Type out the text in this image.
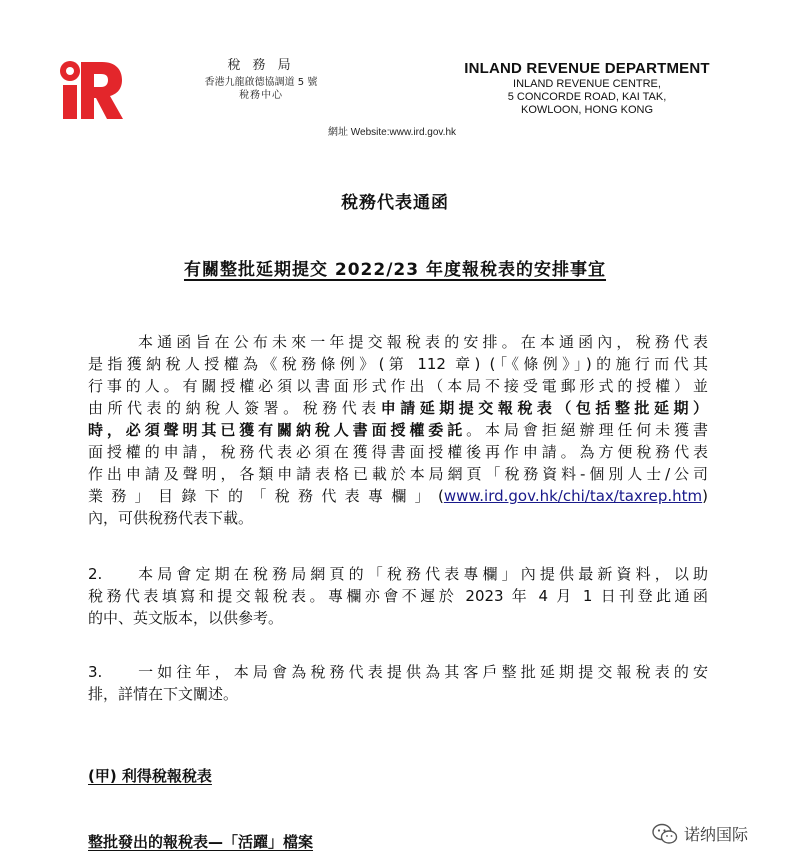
稅 務 局
香港九龍啟德協調道 5 號
稅務中心
INLAND REVENUE DEPARTMENT
INLAND REVENUE CENTRE,
5 CONCORDE ROAD, KAI TAK,
KOWLOON, HONG KONG
網址 Website:www.ird.gov.hk
稅務代表通函
有關整批延期提交 2022/23 年度報稅表的安排事宜
本通函旨在公布未來一年提交報稅表的安排。在本通函內，稅務代表
是指獲納稅人授權為《稅務條例》(第 112 章) (「《條例》」)的施行而代其
行事的人。有關授權必須以書面形式作出（本局不接受電郵形式的授權）並
由所代表的納稅人簽署。稅務代表申請延期提交報稅表（包括整批延期）
時，必須聲明其已獲有關納稅人書面授權委託。本局會拒絕辦理任何未獲書
面授權的申請，稅務代表必須在獲得書面授權後再作申請。為方便稅務代表
作出申請及聲明，各類申請表格已載於本局網頁「稅務資料-個別人士/公司
業務」目錄下的「稅務代表專欄」(www.ird.gov.hk/chi/tax/taxrep.htm)
內，可供稅務代表下載。
2. 本局會定期在稅務局網頁的「稅務代表專欄」內提供最新資料，以助
稅務代表填寫和提交報稅表。專欄亦會不遲於 2023 年 4 月 1 日刊登此通函
的中、英文版本，以供參考。
3. 一如往年，本局會為稅務代表提供為其客戶整批延期提交報稅表的安
排，詳情在下文闡述。
(甲) 利得稅報稅表
整批發出的報稅表—「活躍」檔案	诺纳国际
